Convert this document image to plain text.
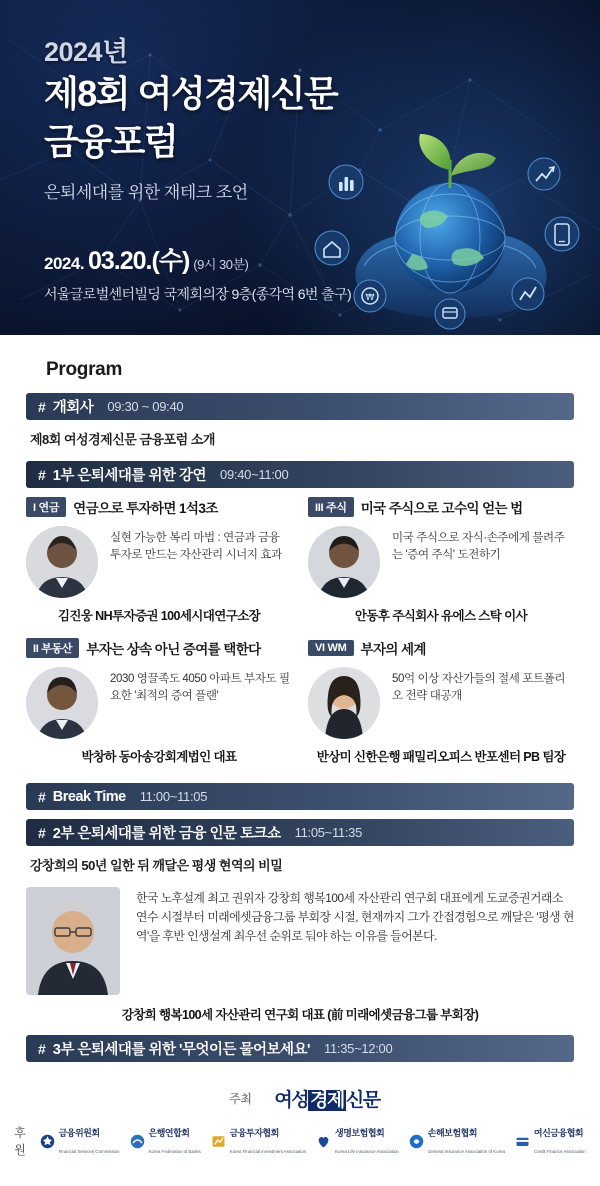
₩
2024년
제8회 여성경제신문
금융포럼
은퇴세대를 위한 재테크 조언
2024. 03.20.(수) (9시 30분)
서울글로벌센터빌딩 국제회의장 9층(종각역 6번 출구)
Program
# 개회사 09:30 ~ 09:40
제8회 여성경제신문 금융포럼 소개
# 1부 은퇴세대를 위한 강연 09:40~11:00
I 연금	연금으로 투자하면 1석3조
실현 가능한 복리 마법 : 연금과 금융 투자로 만드는 자산관리 시너지 효과
김진웅 NH투자증권 100세시대연구소장
III 주식	미국 주식으로 고수익 얻는 법
미국 주식으로 자식·손주에게 물려주는 '증여 주식' 도전하기
안동후 주식회사 유에스 스탁 이사
II 부동산	부자는 상속 아닌 증여를 택한다
2030 영끌족도 4050 아파트 부자도 필요한 '최적의 증여 플랜'
박창하 동아송강회계법인 대표
VI WM	부자의 세계
50억 이상 자산가들의 절세 포트폴리오 전략 대공개
반상미 신한은행 패밀리오피스 반포센터 PB 팀장
# Break Time 11:00~11:05
# 2부 은퇴세대를 위한 금융 인문 토크쇼 11:05~11:35
강창희의 50년 일한 뒤 깨달은 평생 현역의 비밀
한국 노후설계 최고 권위자 강창희 행복100세 자산관리 연구회 대표에게 도쿄증권거래소 연수 시절부터 미래에셋금융그룹 부회장 시절, 현재까지 그가 간접경험으로 깨달은 '평생 현역'을 후반 인생설계 최우선 순위로 둬야 하는 이유를 들어본다.
강창희 행복100세 자산관리 연구회 대표 (前 미래에셋금융그룹 부회장)
# 3부 은퇴세대를 위한 '무엇이든 물어보세요' 11:35~12:00
주최	여성 경제 신문
후원
금융위원회
Financial Services Commission
은행연합회
Korea Federation of Banks
금융투자협회
Korea Financial Investment Association
생명보험협회
Korea Life Insurance Association
손해보험협회
General Insurance Association of Korea
여신금융협회
Credit Finance Association
